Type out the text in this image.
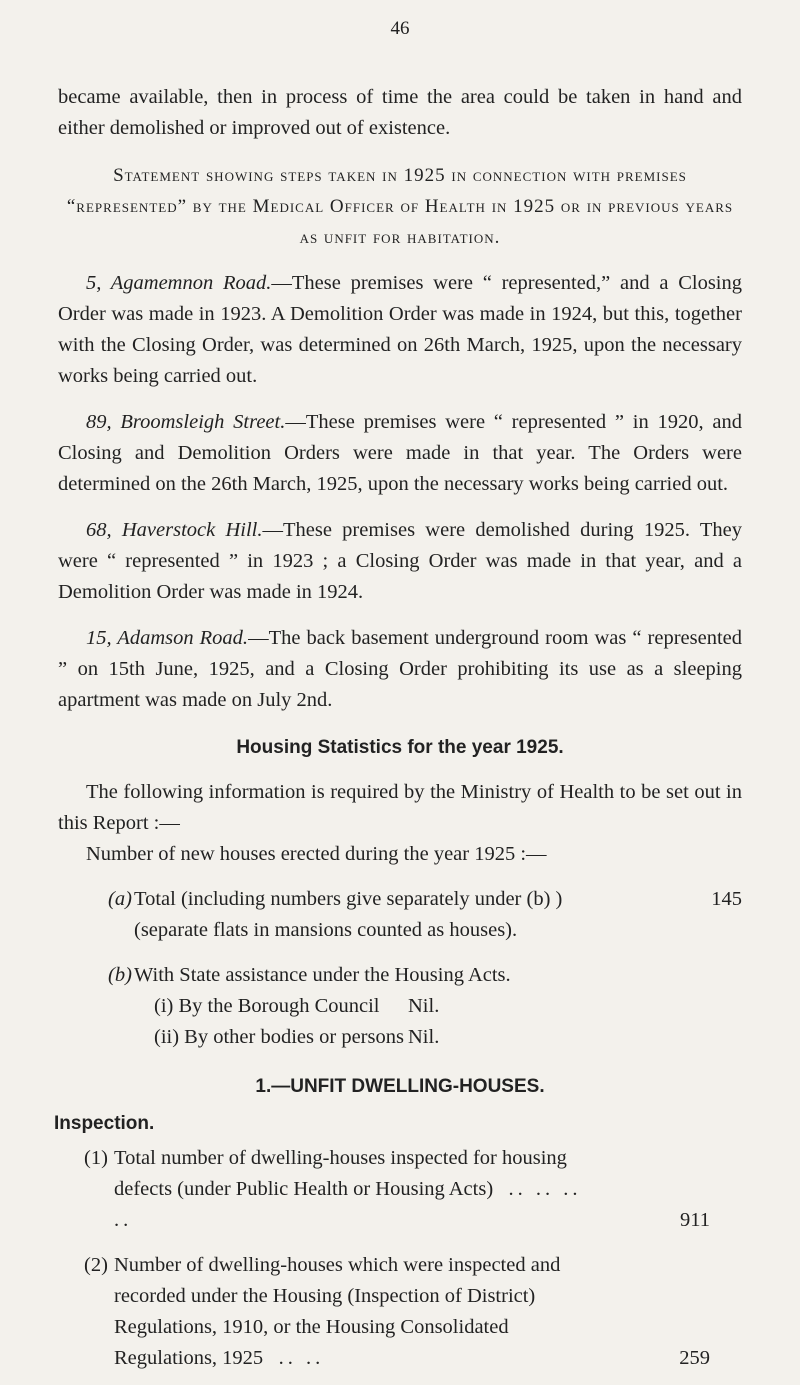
46

became available, then in process of time the area could be taken in hand and either demolished or improved out of existence.

Statement showing steps taken in 1925 in connection with premises “represented” by the Medical Officer of Health in 1925 or in previous years as unfit for habitation.

5, Agamemnon Road.—These premises were “ represented,” and a Closing Order was made in 1923. A Demolition Order was made in 1924, but this, together with the Closing Order, was determined on 26th March, 1925, upon the necessary works being carried out.

89, Broomsleigh Street.—These premises were “ represented ” in 1920, and Closing and Demolition Orders were made in that year. The Orders were determined on the 26th March, 1925, upon the necessary works being carried out.

68, Haverstock Hill.—These premises were demolished during 1925. They were “ represented ” in 1923 ; a Closing Order was made in that year, and a Demolition Order was made in 1924.

15, Adamson Road.—The back basement underground room was “ represented ” on 15th June, 1925, and a Closing Order prohibiting its use as a sleeping apartment was made on July 2nd.

Housing Statistics for the year 1925.

The following information is required by the Ministry of Health to be set out in this Report :—

Number of new houses erected during the year 1925 :—

(a) Total (including numbers give separately under (b) )	145
(separate flats in mansions counted as houses).
(b) With State assistance under the Housing Acts.
(i) By the Borough Council	Nil.
(ii) By other bodies or persons Nil.

1.—UNFIT DWELLING-HOUSES.

Inspection.

(1) Total number of dwelling-houses inspected for housing defects (under Public Health or Housing Acts) .. .. .. ..	911
(2) Number of dwelling-houses which were inspected and recorded under the Housing (Inspection of District) Regulations, 1910, or the Housing Consolidated Regulations, 1925 .. ..	259
